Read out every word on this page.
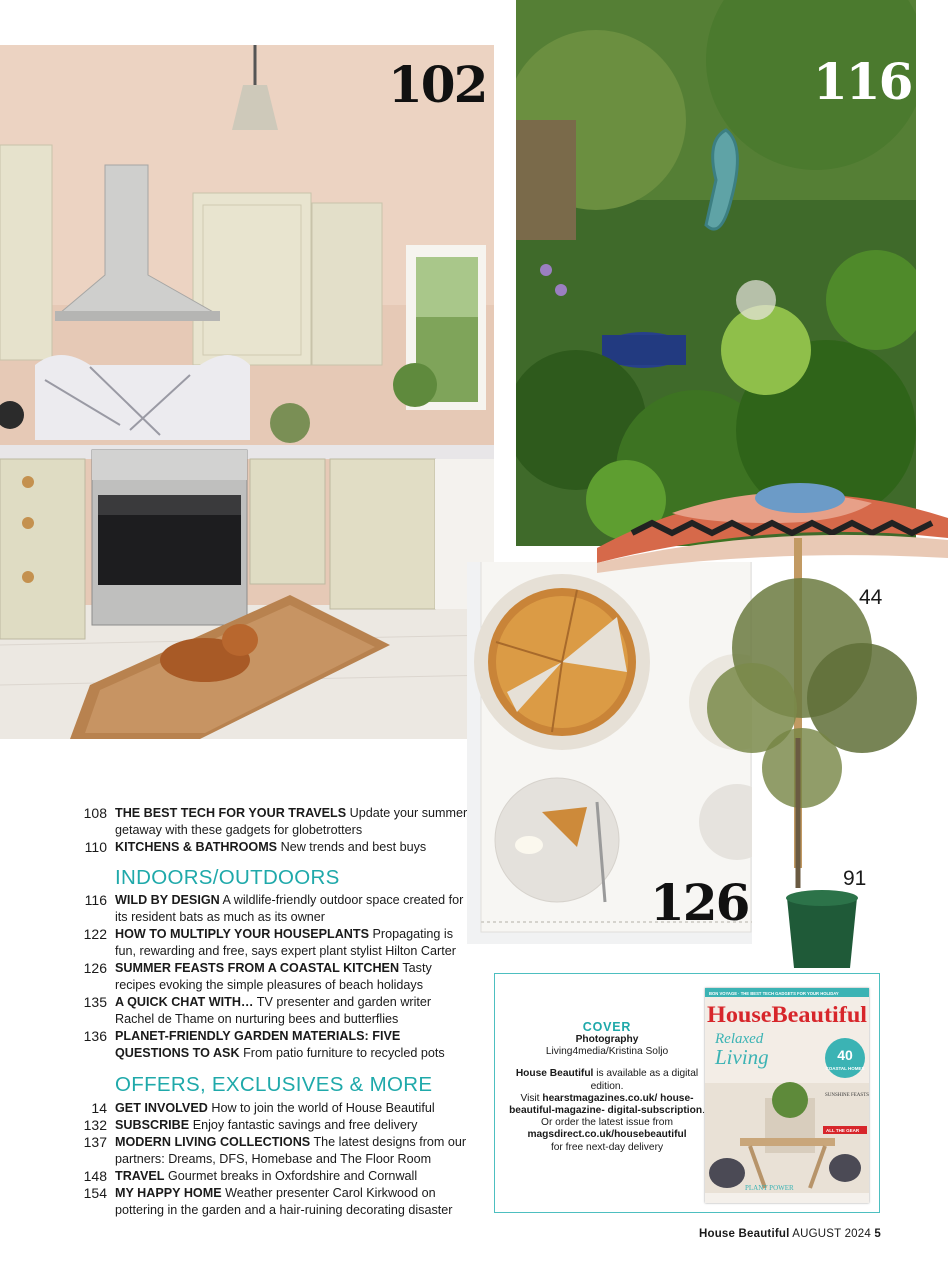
102	116
126
44
91
108 THE BEST TECH FOR YOUR TRAVELS Update your summer getaway with these gadgets for globetrotters
110 KITCHENS & BATHROOMS New trends and best buys
INDOORS/OUTDOORS
116 WILD BY DESIGN A wildlife-friendly outdoor space created for its resident bats as much as its owner
122 HOW TO MULTIPLY YOUR HOUSEPLANTS Propagating is fun, rewarding and free, says expert plant stylist Hilton Carter
126 SUMMER FEASTS FROM A COASTAL KITCHEN Tasty recipes evoking the simple pleasures of beach holidays
135 A QUICK CHAT WITH… TV presenter and garden writer Rachel de Thame on nurturing bees and butterflies
136 PLANET-FRIENDLY GARDEN MATERIALS: FIVE QUESTIONS TO ASK From patio furniture to recycled pots
OFFERS, EXCLUSIVES & MORE
14 GET INVOLVED How to join the world of House Beautiful
132 SUBSCRIBE Enjoy fantastic savings and free delivery
137 MODERN LIVING COLLECTIONS The latest designs from our partners: Dreams, DFS, Homebase and The Floor Room
148 TRAVEL Gourmet breaks in Oxfordshire and Cornwall
154 MY HAPPY HOME Weather presenter Carol Kirkwood on pottering in the garden and a hair-ruining decorating disaster
COVER
Photography
Living4media/Kristina Soljo
House Beautiful is available as a digital edition.
Visit hearstmagazines.co.uk/ house-beautiful-magazine- digital-subscription.
Or order the latest issue from
magsdirect.co.uk/housebeautiful
for free next-day delivery
BON VOYAGE · THE BEST TECH GADGETS FOR YOUR HOLIDAY
HouseBeautiful
Relaxed
Living	40
COASTAL HOMES
SUNSHINE FEASTS
ALL THE GEAR
PLANT POWER
House Beautiful AUGUST 2024 5
